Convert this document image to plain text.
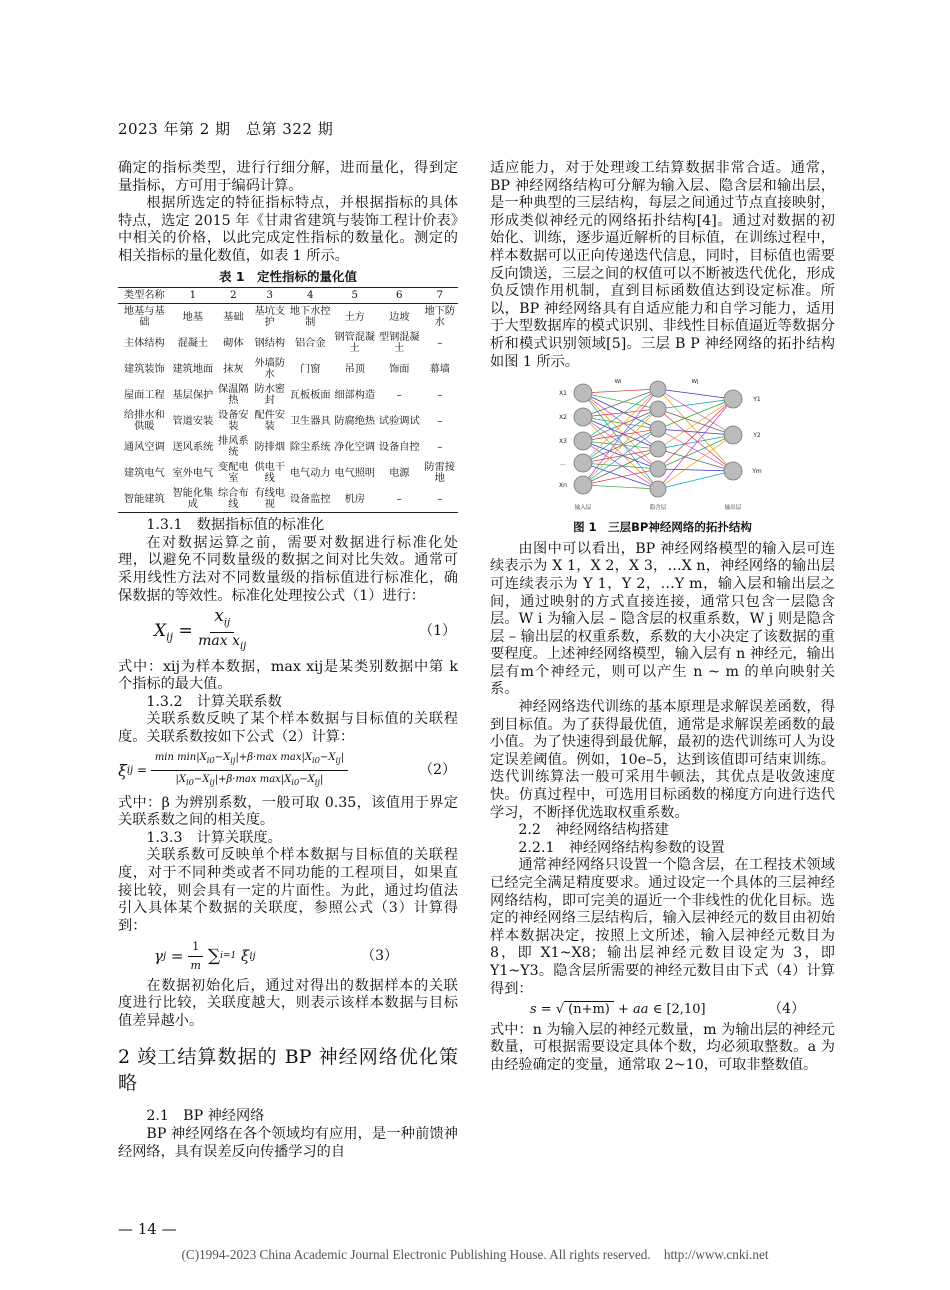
2023 年第 2 期　总第 322 期

确定的指标类型，进行行细分解，进而量化，得到定量指标，方可用于编码计算。

根据所选定的特征指标特点，并根据指标的具体特点，选定 2015 年《甘肃省建筑与装饰工程计价表》中相关的价格，以此完成定性指标的数量化。测定的相关指标的量化数值，如表 1 所示。

表 1　定性指标的量化值
类型名称	1	2	3	4	5	6	7
地基与基础	地基	基础	基坑支护	地下水控制	土方	边坡	地下防水
主体结构	混凝土	砌体	钢结构	铝合金	钢管混凝土	型钢混凝土	–
建筑装饰	建筑地面	抹灰	外墙防水	门窗	吊顶	饰面	幕墙
屋面工程	基层保护	保温隔热	防水密封	瓦板板面	细部构造	–	–
给排水和供暖	管道安装	设备安装	配件安装	卫生器具	防腐绝热	试验调试	–
通风空调	送风系统	排风系统	防排烟	除尘系统	净化空调	设备自控	–
建筑电气	室外电气	变配电室	供电干线	电气动力	电气照明	电源	防雷接地
智能建筑	智能化集成	综合布线	有线电视	设备监控	机房	–	–

1.3.1　数据指标值的标准化

在对数据运算之前，需要对数据进行标准化处理，以避免不同数量级的数据之间对比失效。通常可采用线性方法对不同数量级的指标值进行标准化，确保数据的等效性。标准化处理按公式（1）进行：

$X_{ij} = \frac{x_{ij}}{\max x_{ij}}$	（1）

式中：xij为样本数据，max xij是某类别数据中第 k 个指标的最大值。

1.3.2　计算关联系数

关联系数反映了某个样本数据与目标值的关联程度。关联系数按如下公式（2）计算：

ξ ij = $\frac{\min \min|X_{i0}-X_{ij}|+\beta\cdot\max \max|X_{i0}-X_{ij}|}{|X_{i0}-X_{ij}|+\beta\cdot\max \max|X_{i0}-X_{ij}|}$	（2）

式中：β 为辨别系数，一般可取 0.35，该值用于界定关联系数之间的相关度。

1.3.3　计算关联度。

关联系数可反映单个样本数据与目标值的关联程度，对于不同种类或者不同功能的工程项目，如果直接比较，则会具有一定的片面性。为此，通过均值法引入具体某个数据的关联度，参照公式（3）计算得到：

γ $j = \frac{1}{m}$
∑ i=1
ξ ij	（3）

在数据初始化后，通过对得出的数据样本的关联度进行比较，关联度越大，则表示该样本数据与目标值差异越小。

2 竣工结算数据的 BP 神经网络优化策略

2.1　BP 神经网络

BP 神经网络在各个领域均有应用，是一种前馈神经网络，具有误差反向传播学习的自

适应能力，对于处理竣工结算数据非常合适。通常，BP 神经网络结构可分解为输入层、隐含层和输出层，是一种典型的三层结构，每层之间通过节点直接映射，形成类似神经元的网络拓扑结构[4]。通过对数据的初始化、训练，逐步逼近解析的目标值，在训练过程中，样本数据可以正向传递迭代信息，同时，目标值也需要反向馈送，三层之间的权值可以不断被迭代优化，形成负反馈作用机制，直到目标函数值达到设定标准。所以，BP 神经网络具有自适应能力和自学习能力，适用于大型数据库的模式识别、非线性目标值逼近等数据分析和模式识别领域[5]。三层 B P 神经网络的拓扑结构如图 1 所示。

X1
X2
X3
...
Xn
Y1
Y2
Ym
输入层	隐含层	输出层
Wi	Wj
图 1　三层BP神经网络的拓扑结构

由图中可以看出，BP 神经网络模型的输入层可连续表示为 X 1，X 2，X 3，…X n，神经网络的输出层可连续表示为 Y 1，Y 2，…Y m，输入层和输出层之间，通过映射的方式直接连接，通常只包含一层隐含层。W i 为输入层 – 隐含层的权重系数，W j 则是隐含层 – 输出层的权重系数，系数的大小决定了该数据的重要程度。上述神经网络模型，输入层有 n 神经元，输出层有m个神经元，则可以产生 n ~ m 的单向映射关系。

神经网络迭代训练的基本原理是求解误差函数，得到目标值。为了获得最优值，通常是求解误差函数的最小值。为了快速得到最优解，最初的迭代训练可人为设定误差阈值。例如，10e–5，达到该值即可结束训练。迭代训练算法一般可采用牛顿法，其优点是收敛速度快。仿真过程中，可选用目标函数的梯度方向进行迭代学习，不断择优选取权重系数。

2.2　神经网络结构搭建

2.2.1　神经网络结构参数的设置

通常神经网络只设置一个隐含层，在工程技术领域已经完全满足精度要求。通过设定一个具体的三层神经网络结构，即可完美的逼近一个非线性的优化目标。选定的神经网络三层结构后，输入层神经元的数目由初始样本数据决定，按照上文所述，输入层神经元数目为 8，即 X1~X8；输出层神经元数目设定为 3，即 Y1~Y3。隐含层所需要的神经元数目由下式（4）计算得到：

s = √ (n+m) + aa ∈ [2,10]	（4）

式中：n 为输入层的神经元数量，m 为输出层的神经元数量，可根据需要设定具体个数，均必须取整数。a 为由经验确定的变量，通常取 2~10，可取非整数值。

— 14 —
(C)1994-2023 China Academic Journal Electronic Publishing House. All rights reserved.　http://www.cnki.net
